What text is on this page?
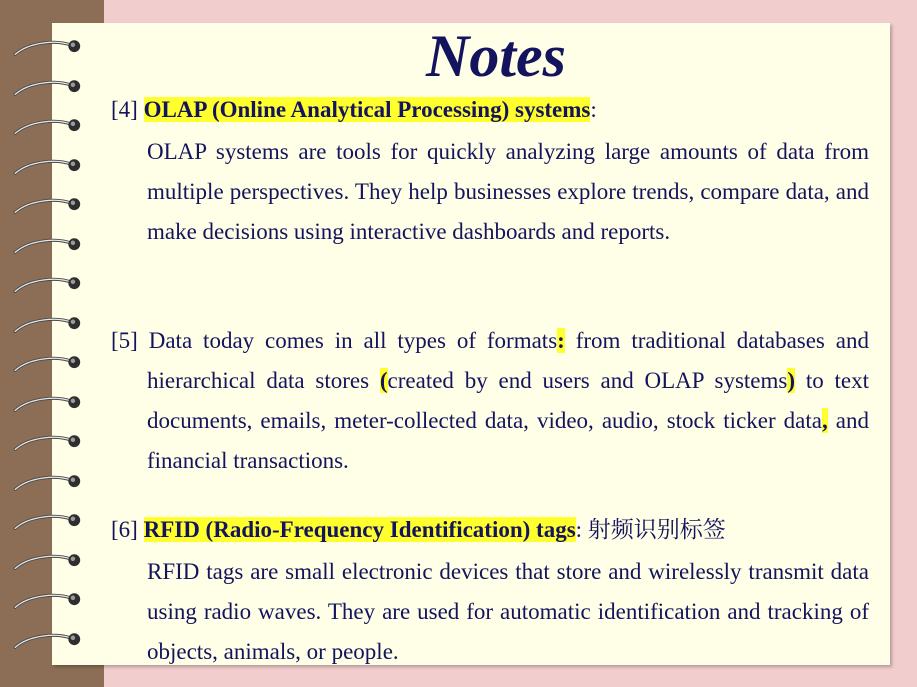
Notes

[4] OLAP (Online Analytical Processing) systems:

OLAP systems are tools for quickly analyzing large amounts of data from multiple perspectives. They help businesses explore trends, compare data, and make decisions using interactive dashboards and reports.

[5] Data today comes in all types of formats: from traditional databases and hierarchical data stores (created by end users and OLAP systems) to text documents, emails, meter-collected data, video, audio, stock ticker data, and financial transactions.

[6] RFID (Radio-Frequency Identification) tags: 射频识别标签

RFID tags are small electronic devices that store and wirelessly transmit data using radio waves. They are used for automatic identification and tracking of objects, animals, or people.
